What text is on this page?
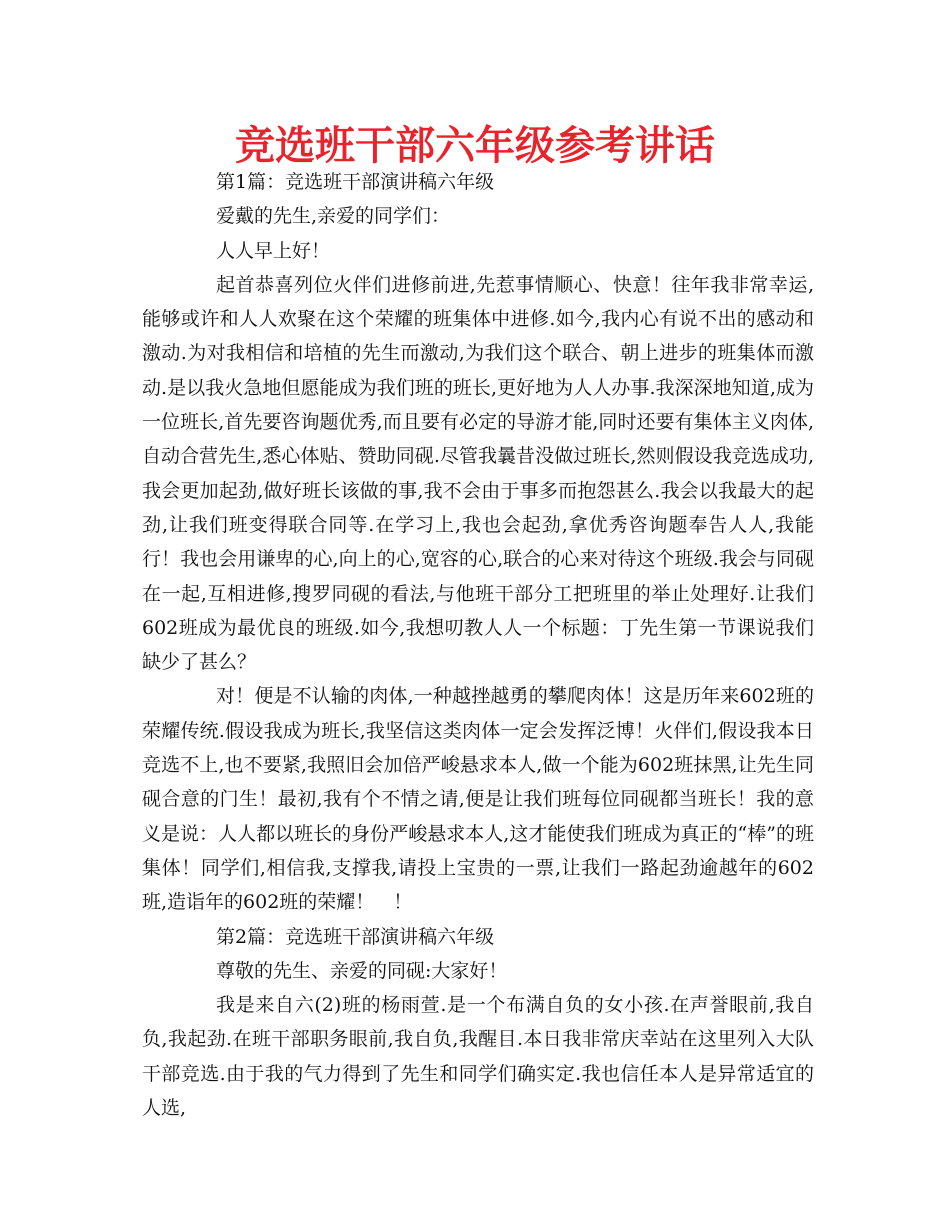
竞选班干部六年级参考讲话

第1篇：竞选班干部演讲稿六年级

爱戴的先生,亲爱的同学们：

人人早上好！

起首恭喜列位火伴们进修前进,先惹事情顺心、快意！往年我非常幸运,能够或许和人人欢聚在这个荣耀的班集体中进修.如今,我内心有说不出的感动和激动.为对我相信和培植的先生而激动,为我们这个联合、朝上进步的班集体而激动.是以我火急地但愿能成为我们班的班长,更好地为人人办事.我深深地知道,成为一位班长,首先要咨询题优秀,而且要有必定的导游才能,同时还要有集体主义肉体,自动合营先生,悉心体贴、赞助同砚.尽管我曩昔没做过班长,然则假设我竞选成功,我会更加起劲,做好班长该做的事,我不会由于事多而抱怨甚么.我会以我最大的起劲,让我们班变得联合同等.在学习上,我也会起劲,拿优秀咨询题奉告人人,我能行！我也会用谦卑的心,向上的心,宽容的心,联合的心来对待这个班级.我会与同砚在一起,互相进修,搜罗同砚的看法,与他班干部分工把班里的举止处理好.让我们602班成为最优良的班级.如今,我想叨教人人一个标题：丁先生第一节课说我们缺少了甚么？

对！便是不认输的肉体,一种越挫越勇的攀爬肉体！这是历年来602班的荣耀传统.假设我成为班长,我坚信这类肉体一定会发挥泛博！火伴们,假设我本日竞选不上,也不要紧,我照旧会加倍严峻悬求本人,做一个能为602班抹黑,让先生同砚合意的门生！最初,我有个不情之请,便是让我们班每位同砚都当班长！我的意义是说：人人都以班长的身份严峻悬求本人,这才能使我们班成为真正的“棒”的班集体！同学们,相信我,支撑我,请投上宝贵的一票,让我们一路起劲逾越年的602班,造诣年的602班的荣耀！　！

第2篇：竞选班干部演讲稿六年级

尊敬的先生、亲爱的同砚:大家好！

我是来自六(2)班的杨雨萱.是一个布满自负的女小孩.在声誉眼前,我自负,我起劲.在班干部职务眼前,我自负,我醒目.本日我非常庆幸站在这里列入大队干部竞选.由于我的气力得到了先生和同学们确实定.我也信任本人是异常适宜的人选,
